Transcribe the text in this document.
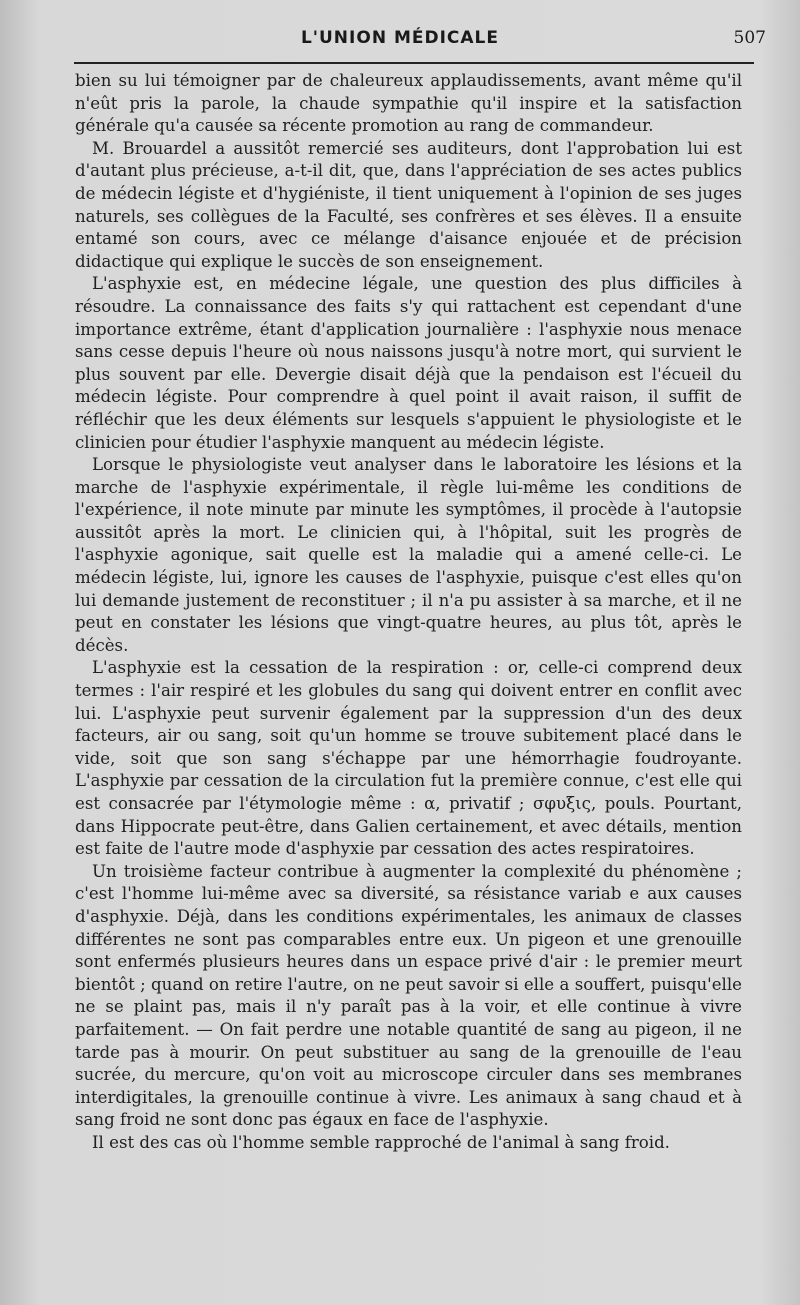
L'UNION MÉDICALE	507

bien su lui témoigner par de chaleureux applaudissements, avant même qu'il n'eût pris la parole, la chaude sympathie qu'il inspire et la satisfaction générale qu'a causée sa récente promotion au rang de commandeur.

M. Brouardel a aussitôt remercié ses auditeurs, dont l'approbation lui est d'autant plus précieuse, a-t-il dit, que, dans l'appréciation de ses actes publics de médecin légiste et d'hygiéniste, il tient uniquement à l'opinion de ses juges naturels, ses collègues de la Faculté, ses confrères et ses élèves. Il a ensuite entamé son cours, avec ce mélange d'aisance enjouée et de précision didactique qui explique le succès de son enseignement.

L'asphyxie est, en médecine légale, une question des plus difficiles à résoudre. La connaissance des faits s'y qui rattachent est cependant d'une importance extrême, étant d'application journalière : l'asphyxie nous menace sans cesse depuis l'heure où nous naissons jusqu'à notre mort, qui survient le plus souvent par elle. Devergie disait déjà que la pendaison est l'écueil du médecin légiste. Pour comprendre à quel point il avait raison, il suffit de réfléchir que les deux éléments sur lesquels s'appuient le physiologiste et le clinicien pour étudier l'asphyxie manquent au médecin légiste.

Lorsque le physiologiste veut analyser dans le laboratoire les lésions et la marche de l'asphyxie expérimentale, il règle lui-même les conditions de l'expérience, il note minute par minute les symptômes, il procède à l'autopsie aussitôt après la mort. Le clinicien qui, à l'hôpital, suit les progrès de l'asphyxie agonique, sait quelle est la maladie qui a amené celle-ci. Le médecin légiste, lui, ignore les causes de l'asphyxie, puisque c'est elles qu'on lui demande justement de reconstituer ; il n'a pu assister à sa marche, et il ne peut en constater les lésions que vingt-quatre heures, au plus tôt, après le décès.

L'asphyxie est la cessation de la respiration : or, celle-ci comprend deux termes : l'air respiré et les globules du sang qui doivent entrer en conflit avec lui. L'asphyxie peut survenir également par la suppression d'un des deux facteurs, air ou sang, soit qu'un homme se trouve subitement placé dans le vide, soit que son sang s'échappe par une hémorrhagie foudroyante. L'asphyxie par cessation de la circulation fut la première connue, c'est elle qui est consacrée par l'étymologie même : α, privatif ; σφυξις, pouls. Pourtant, dans Hippocrate peut-être, dans Galien certainement, et avec détails, mention est faite de l'autre mode d'asphyxie par cessation des actes respiratoires.

Un troisième facteur contribue à augmenter la complexité du phénomène ; c'est l'homme lui-même avec sa diversité, sa résistance variab e aux causes d'asphyxie. Déjà, dans les conditions expérimentales, les animaux de classes différentes ne sont pas comparables entre eux. Un pigeon et une grenouille sont enfermés plusieurs heures dans un espace privé d'air : le premier meurt bientôt ; quand on retire l'autre, on ne peut savoir si elle a souffert, puisqu'elle ne se plaint pas, mais il n'y paraît pas à la voir, et elle continue à vivre parfaitement. — On fait perdre une notable quantité de sang au pigeon, il ne tarde pas à mourir. On peut substituer au sang de la grenouille de l'eau sucrée, du mercure, qu'on voit au microscope circuler dans ses membranes interdigitales, la grenouille continue à vivre. Les animaux à sang chaud et à sang froid ne sont donc pas égaux en face de l'asphyxie.

Il est des cas où l'homme semble rapproché de l'animal à sang froid.
